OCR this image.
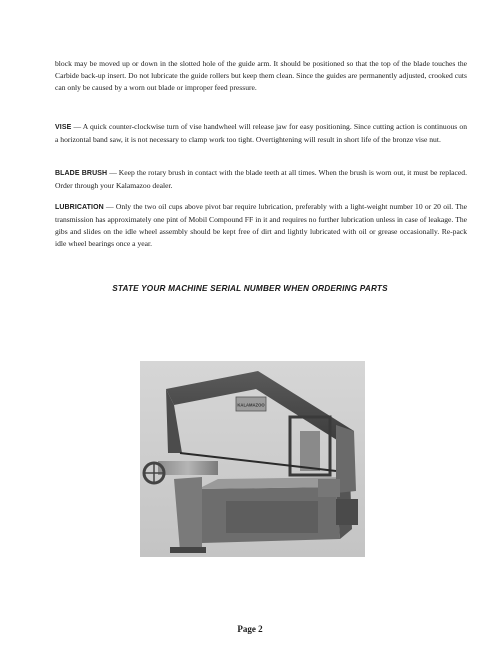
block may be moved up or down in the slotted hole of the guide arm. It should be positioned so that the top of the blade touches the Carbide back-up insert. Do not lubricate the guide rollers but keep them clean. Since the guides are permanently adjusted, crooked cuts can only be caused by a worn out blade or improper feed pressure.

VISE — A quick counter-clockwise turn of vise handwheel will release jaw for easy positioning. Since cutting action is continuous on a horizontal band saw, it is not necessary to clamp work too tight. Overtightening will result in short life of the bronze vise nut.

BLADE BRUSH — Keep the rotary brush in contact with the blade teeth at all times. When the brush is worn out, it must be replaced. Order through your Kalamazoo dealer.

LUBRICATION — Only the two oil cups above pivot bar require lubrication, preferably with a light-weight number 10 or 20 oil. The transmission has approximately one pint of Mobil Compound FF in it and requires no further lubrication unless in case of leakage. The gibs and slides on the idle wheel assembly should be kept free of dirt and lightly lubricated with oil or grease occasionally. Re-pack idle wheel bearings once a year.

STATE YOUR MACHINE SERIAL NUMBER WHEN ORDERING PARTS

KALAMAZOO

Page 2
